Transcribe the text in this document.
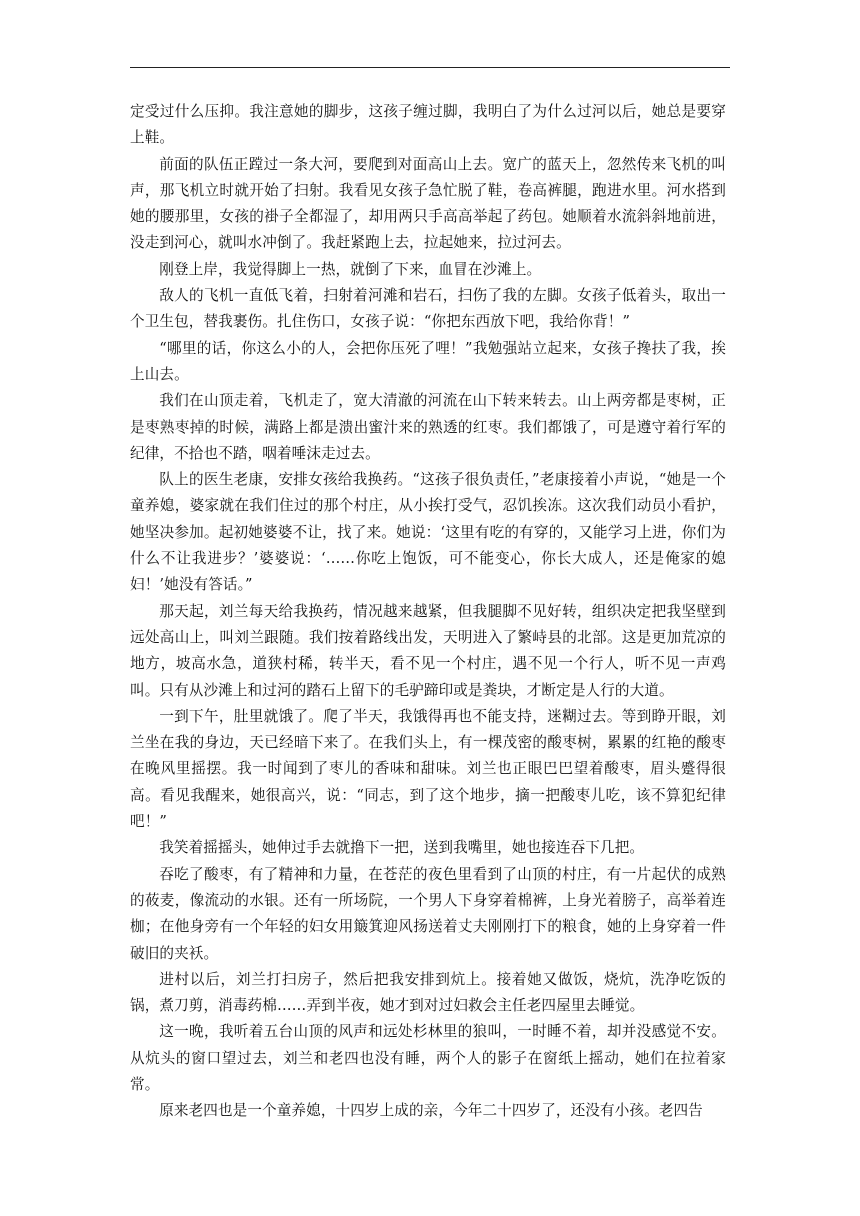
定受过什么压抑。我注意她的脚步，这孩子缠过脚，我明白了为什么过河以后，她总是要穿上鞋。

前面的队伍正蹚过一条大河，要爬到对面高山上去。宽广的蓝天上，忽然传来飞机的叫声，那飞机立时就开始了扫射。我看见女孩子急忙脱了鞋，卷高裤腿，跑进水里。河水搭到她的腰那里，女孩的褂子全都湿了，却用两只手高高举起了药包。她顺着水流斜斜地前进，没走到河心，就叫水冲倒了。我赶紧跑上去，拉起她来，拉过河去。

刚登上岸，我觉得脚上一热，就倒了下来，血冒在沙滩上。

敌人的飞机一直低飞着，扫射着河滩和岩石，扫伤了我的左脚。女孩子低着头，取出一个卫生包，替我裹伤。扎住伤口，女孩子说：“你把东西放下吧，我给你背！”

“哪里的话，你这么小的人，会把你压死了哩！”我勉强站立起来，女孩子搀扶了我，挨上山去。

我们在山顶走着，飞机走了，宽大清澈的河流在山下转来转去。山上两旁都是枣树，正是枣熟枣掉的时候，满路上都是溃出蜜汁来的熟透的红枣。我们都饿了，可是遵守着行军的纪律，不拾也不踏，咽着唾沫走过去。

队上的医生老康，安排女孩给我换药。“这孩子很负责任，”老康接着小声说，“她是一个童养媳，婆家就在我们住过的那个村庄，从小挨打受气，忍饥挨冻。这次我们动员小看护，她坚决参加。起初她婆婆不让，找了来。她说：‘这里有吃的有穿的，又能学习上进，你们为什么不让我进步？’婆婆说：‘……你吃上饱饭，可不能变心，你长大成人，还是俺家的媳妇！’她没有答话。”

那天起，刘兰每天给我换药，情况越来越紧，但我腿脚不见好转，组织决定把我坚壁到远处高山上，叫刘兰跟随。我们按着路线出发，天明进入了繁峙县的北部。这是更加荒凉的地方，坡高水急，道狭村稀，转半天，看不见一个村庄，遇不见一个行人，听不见一声鸡叫。只有从沙滩上和过河的踏石上留下的毛驴蹄印或是粪块，才断定是人行的大道。

一到下午，肚里就饿了。爬了半天，我饿得再也不能支持，迷糊过去。等到睁开眼，刘兰坐在我的身边，天已经暗下来了。在我们头上，有一棵茂密的酸枣树，累累的红艳的酸枣在晚风里摇摆。我一时闻到了枣儿的香味和甜味。刘兰也正眼巴巴望着酸枣，眉头蹙得很高。看见我醒来，她很高兴，说：“同志，到了这个地步，摘一把酸枣儿吃，该不算犯纪律吧！”

我笑着摇摇头，她伸过手去就撸下一把，送到我嘴里，她也接连吞下几把。

吞吃了酸枣，有了精神和力量，在苍茫的夜色里看到了山顶的村庄，有一片起伏的成熟的莜麦，像流动的水银。还有一所场院，一个男人下身穿着棉裤，上身光着膀子，高举着连枷；在他身旁有一个年轻的妇女用簸箕迎风扬送着丈夫刚刚打下的粮食，她的上身穿着一件破旧的夹袄。

进村以后，刘兰打扫房子，然后把我安排到炕上。接着她又做饭，烧炕，洗净吃饭的锅，煮刀剪，消毒药棉……弄到半夜，她才到对过妇救会主任老四屋里去睡觉。

这一晚，我听着五台山顶的风声和远处杉林里的狼叫，一时睡不着，却并没感觉不安。从炕头的窗口望过去，刘兰和老四也没有睡，两个人的影子在窗纸上摇动，她们在拉着家常。

原来老四也是一个童养媳，十四岁上成的亲，今年二十四岁了，还没有小孩。老四告
